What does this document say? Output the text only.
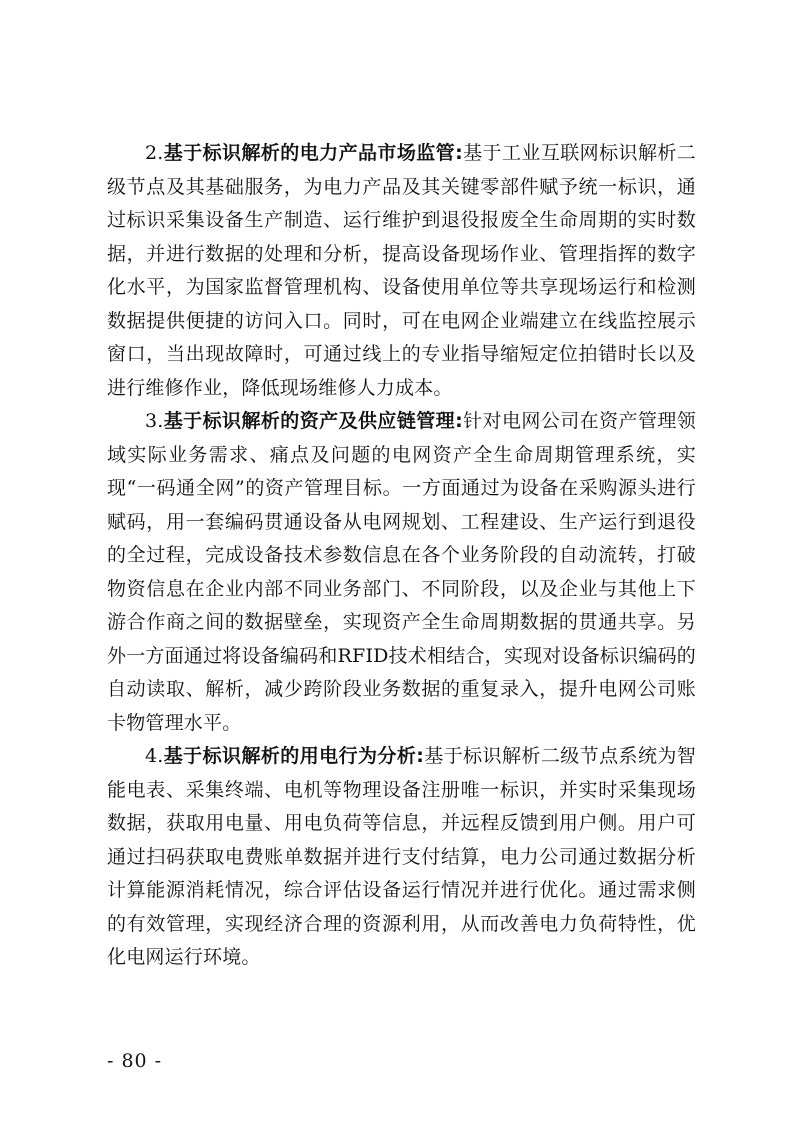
2.基于标识解析的电力产品市场监管:基于工业互联网标识解析二级节点及其基础服务，为电力产品及其关键零部件赋予统一标识，通过标识采集设备生产制造、运行维护到退役报废全生命周期的实时数据，并进行数据的处理和分析，提高设备现场作业、管理指挥的数字化水平，为国家监督管理机构、设备使用单位等共享现场运行和检测数据提供便捷的访问入口。同时，可在电网企业端建立在线监控展示窗口，当出现故障时，可通过线上的专业指导缩短定位拍错时长以及进行维修作业，降低现场维修人力成本。

3.基于标识解析的资产及供应链管理:针对电网公司在资产管理领域实际业务需求、痛点及问题的电网资产全生命周期管理系统，实现“一码通全网”的资产管理目标。一方面通过为设备在采购源头进行赋码，用一套编码贯通设备从电网规划、工程建设、生产运行到退役的全过程，完成设备技术参数信息在各个业务阶段的自动流转，打破物资信息在企业内部不同业务部门、不同阶段，以及企业与其他上下游合作商之间的数据壁垒，实现资产全生命周期数据的贯通共享。另外一方面通过将设备编码和RFID技术相结合，实现对设备标识编码的自动读取、解析，减少跨阶段业务数据的重复录入，提升电网公司账卡物管理水平。

4.基于标识解析的用电行为分析:基于标识解析二级节点系统为智能电表、采集终端、电机等物理设备注册唯一标识，并实时采集现场数据，获取用电量、用电负荷等信息，并远程反馈到用户侧。用户可通过扫码获取电费账单数据并进行支付结算，电力公司通过数据分析计算能源消耗情况，综合评估设备运行情况并进行优化。通过需求侧的有效管理，实现经济合理的资源利用，从而改善电力负荷特性，优化电网运行环境。

- 80 -
